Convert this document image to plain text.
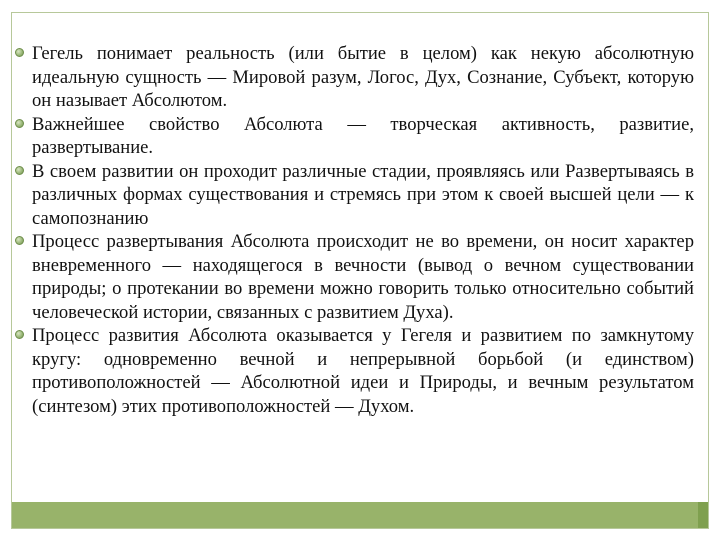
Гегель понимает реальность (или бытие в целом) как некую абсолютную идеальную сущность — Мировой разум, Логос, Дух, Сознание, Субъект, которую он называет Абсолютом.
Важнейшее свойство Абсолюта — творческая активность, развитие, развертывание.
В своем развитии он проходит различные стадии, проявляясь или Развертываясь в различных формах существования и стремясь при этом к своей высшей цели — к самопознанию
Процесс развертывания Абсолюта происходит не во времени, он носит характер вневременного — находящегося в вечности (вывод о вечном существовании природы; о протекании во времени можно говорить только относительно событий человеческой истории, связанных с развитием Духа).
Процесс развития Абсолюта оказывается у Гегеля и развитием по замкнутому кругу: одновременно вечной и непрерывной борьбой (и единством) противоположностей — Абсолютной идеи и Природы, и вечным результатом (синтезом) этих противоположностей — Духом.
